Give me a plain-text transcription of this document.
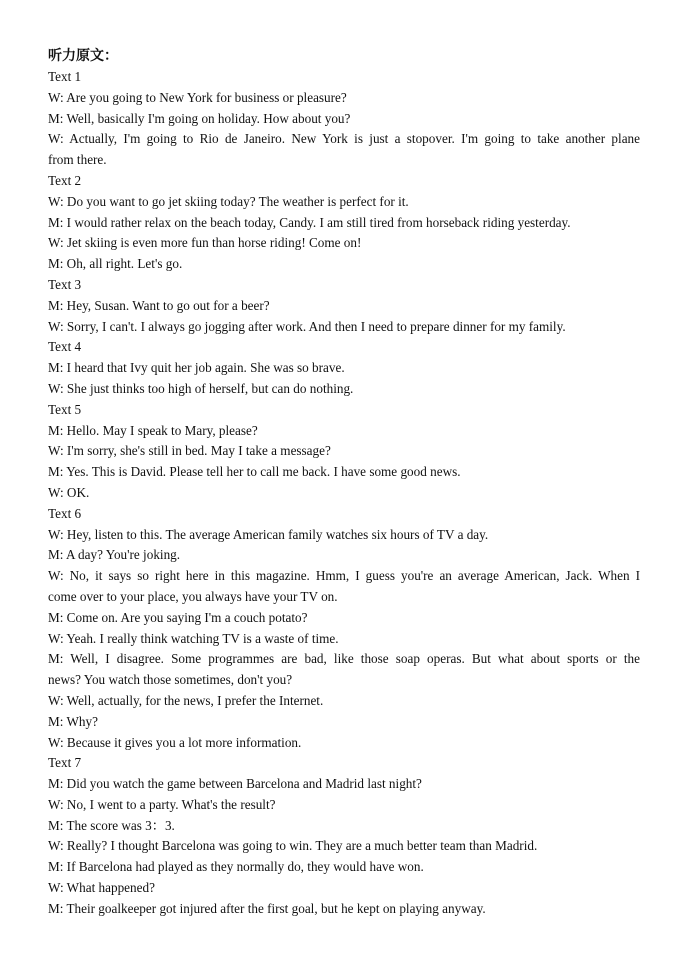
听力原文：
Text 1
W: Are you going to New York for business or pleasure?
M: Well, basically I'm going on holiday. How about you?
W: Actually, I'm going to Rio de Janeiro. New York is just a stopover. I'm going to take another plane
from there.
Text 2
W: Do you want to go jet skiing today? The weather is perfect for it.
M: I would rather relax on the beach today, Candy. I am still tired from horseback riding yesterday.
W: Jet skiing is even more fun than horse riding! Come on!
M: Oh, all right. Let's go.
Text 3
M: Hey, Susan. Want to go out for a beer?
W: Sorry, I can't. I always go jogging after work. And then I need to prepare dinner for my family.
Text 4
M: I heard that Ivy quit her job again. She was so brave.
W: She just thinks too high of herself, but can do nothing.
Text 5
M: Hello. May I speak to Mary, please?
W: I'm sorry, she's still in bed. May I take a message?
M: Yes. This is David. Please tell her to call me back. I have some good news.
W: OK.
Text 6
W: Hey, listen to this. The average American family watches six hours of TV a day.
M: A day? You're joking.
W: No, it says so right here in this magazine. Hmm, I guess you're an average American, Jack. When I
come over to your place, you always have your TV on.
M: Come on. Are you saying I'm a couch potato?
W: Yeah. I really think watching TV is a waste of time.
M: Well, I disagree. Some programmes are bad, like those soap operas. But what about sports or the
news? You watch those sometimes, don't you?
W: Well, actually, for the news, I prefer the Internet.
M: Why?
W: Because it gives you a lot more information.
Text 7
M: Did you watch the game between Barcelona and Madrid last night?
W: No, I went to a party. What's the result?
M: The score was 3：3.
W: Really? I thought Barcelona was going to win. They are a much better team than Madrid.
M: If Barcelona had played as they normally do, they would have won.
W: What happened?
M: Their goalkeeper got injured after the first goal, but he kept on playing anyway.
